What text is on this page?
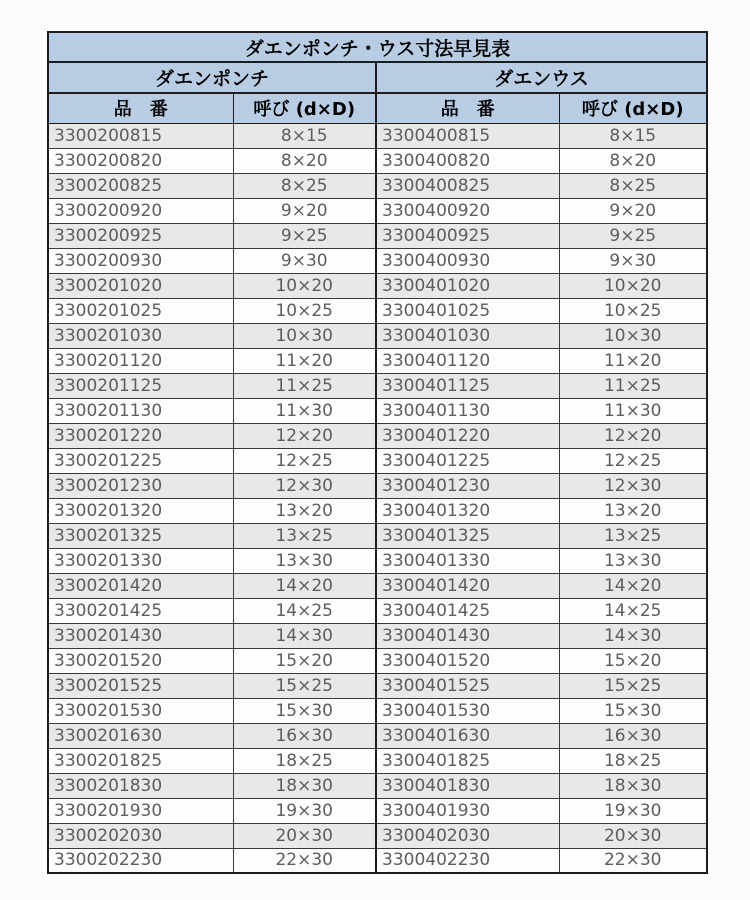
ダエンポンチ・ウス寸法早見表			
ダエンポンチ		ダエンウス	
品　番	呼び (d×D)	品　番	呼び (d×D)
3300200815	8×15	3300400815	8×15
3300200820	8×20	3300400820	8×20
3300200825	8×25	3300400825	8×25
3300200920	9×20	3300400920	9×20
3300200925	9×25	3300400925	9×25
3300200930	9×30	3300400930	9×30
3300201020	10×20	3300401020	10×20
3300201025	10×25	3300401025	10×25
3300201030	10×30	3300401030	10×30
3300201120	11×20	3300401120	11×20
3300201125	11×25	3300401125	11×25
3300201130	11×30	3300401130	11×30
3300201220	12×20	3300401220	12×20
3300201225	12×25	3300401225	12×25
3300201230	12×30	3300401230	12×30
3300201320	13×20	3300401320	13×20
3300201325	13×25	3300401325	13×25
3300201330	13×30	3300401330	13×30
3300201420	14×20	3300401420	14×20
3300201425	14×25	3300401425	14×25
3300201430	14×30	3300401430	14×30
3300201520	15×20	3300401520	15×20
3300201525	15×25	3300401525	15×25
3300201530	15×30	3300401530	15×30
3300201630	16×30	3300401630	16×30
3300201825	18×25	3300401825	18×25
3300201830	18×30	3300401830	18×30
3300201930	19×30	3300401930	19×30
3300202030	20×30	3300402030	20×30
3300202230	22×30	3300402230	22×30
